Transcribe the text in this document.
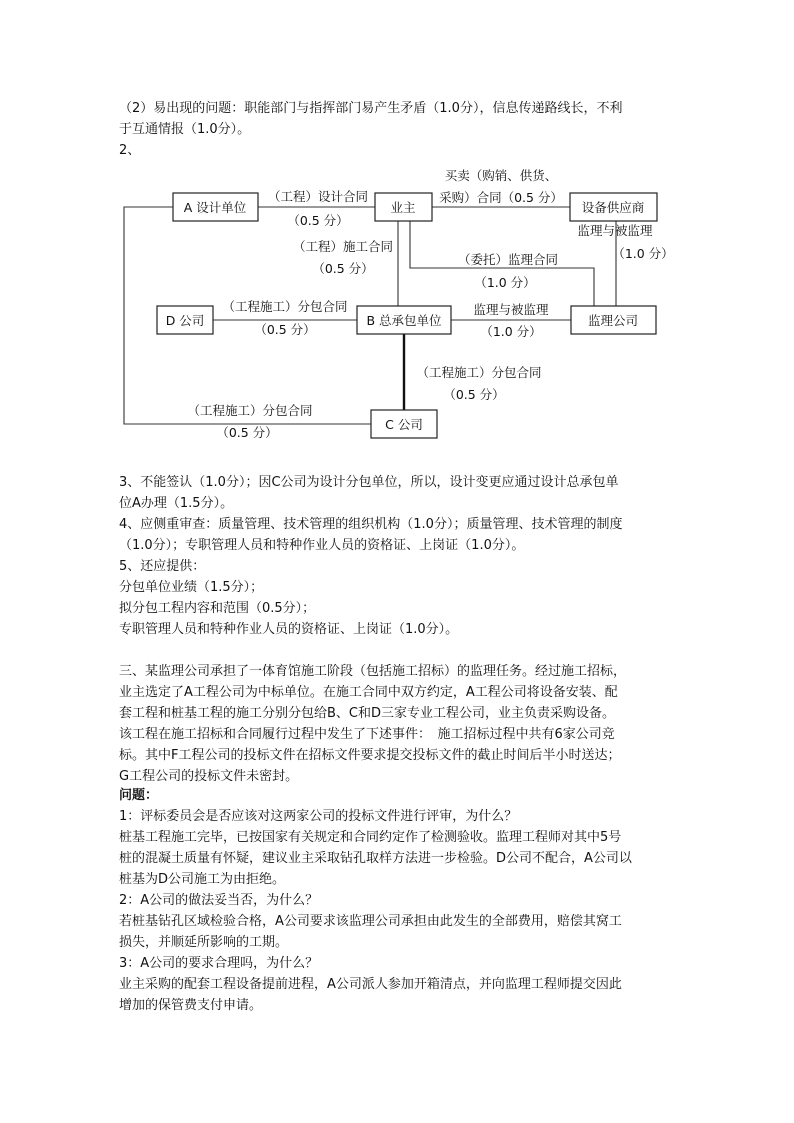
（2）易出现的问题：职能部门与指挥部门易产生矛盾（1.0分），信息传递路线长，不利

于互通情报（1.0分）。

2、

A 设计单位	业主	设备供应商
D 公司	B 总承包单位	监理公司
C 公司
（工程）设计合同
（0.5 分）
买卖（购销、供货、
采购）合同（0.5 分）
（工程）施工合同
（0.5 分）
监理与被监理
（1.0 分）
（委托）监理合同
（1.0 分）
（工程施工）分包合同
（0.5 分）
监理与被监理
（1.0 分）
（工程施工）分包合同
（0.5 分）
（工程施工）分包合同
（0.5 分）

3、不能签认（1.0分）；因C公司为设计分包单位，所以，设计变更应通过设计总承包单

位A办理（1.5分）。

4、应侧重审查：质量管理、技术管理的组织机构（1.0分）；质量管理、技术管理的制度

（1.0分）；专职管理人员和特种作业人员的资格证、上岗证（1.0分）。

5、还应提供：

分包单位业绩（1.5分）；

拟分包工程内容和范围（0.5分）；

专职管理人员和特种作业人员的资格证、上岗证（1.0分）。

三、某监理公司承担了一体育馆施工阶段（包括施工招标）的监理任务。经过施工招标，

业主选定了A工程公司为中标单位。在施工合同中双方约定，A工程公司将设备安装、配

套工程和桩基工程的施工分别分包给B、C和D三家专业工程公司，业主负责采购设备。

该工程在施工招标和合同履行过程中发生了下述事件：　施工招标过程中共有6家公司竞

标。其中F工程公司的投标文件在招标文件要求提交投标文件的截止时间后半小时送达；

G工程公司的投标文件未密封。

问题：

1：评标委员会是否应该对这两家公司的投标文件进行评审，为什么？

桩基工程施工完毕，已按国家有关规定和合同约定作了检测验收。监理工程师对其中5号

桩的混凝土质量有怀疑，建议业主采取钻孔取样方法进一步检验。D公司不配合，A公司以

桩基为D公司施工为由拒绝。

2：A公司的做法妥当否，为什么？

若桩基钻孔区域检验合格，A公司要求该监理公司承担由此发生的全部费用，赔偿其窝工

损失，并顺延所影响的工期。

3：A公司的要求合理吗，为什么？

业主采购的配套工程设备提前进程，A公司派人参加开箱清点，并向监理工程师提交因此

增加的保管费支付申请。
